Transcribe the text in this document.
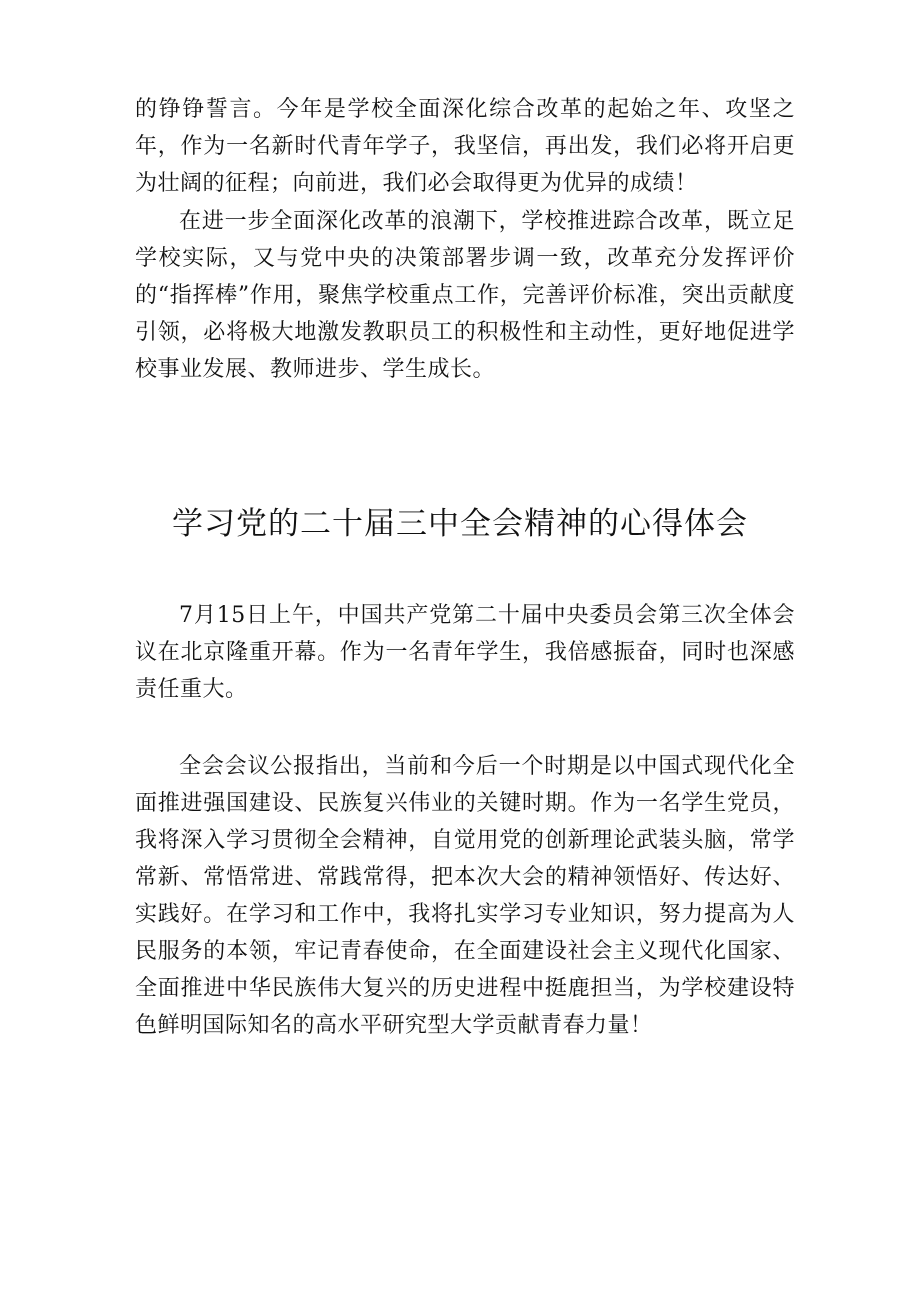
的铮铮誓言。今年是学校全面深化综合改革的起始之年、攻坚之年，作为一名新时代青年学子，我坚信，再出发，我们必将开启更为壮阔的征程；向前进，我们必会取得更为优异的成绩！

在进一步全面深化改革的浪潮下，学校推进踪合改革，既立足学校实际，又与党中央的决策部署步调一致，改革充分发挥评价的“指挥棒”作用，聚焦学校重点工作，完善评价标准，突出贡献度引领，必将极大地激发教职员工的积极性和主动性，更好地促进学校事业发展、教师进步、学生成长。

学习党的二十届三中全会精神的心得体会

7月15日上午，中国共产党第二十届中央委员会第三次全体会议在北京隆重开幕。作为一名青年学生，我倍感振奋，同时也深感责任重大。

全会会议公报指出，当前和今后一个时期是以中国式现代化全面推进强国建设、民族复兴伟业的关键时期。作为一名学生党员，我将深入学习贯彻全会精神，自觉用党的创新理论武装头脑，常学常新、常悟常进、常践常得，把本次大会的精神领悟好、传达好、实践好。在学习和工作中，我将扎实学习专业知识，努力提高为人民服务的本领，牢记青春使命，在全面建设社会主义现代化国家、全面推进中华民族伟大复兴的历史进程中挺鹿担当，为学校建设特色鲜明国际知名的高水平研究型大学贡献青春力量！
